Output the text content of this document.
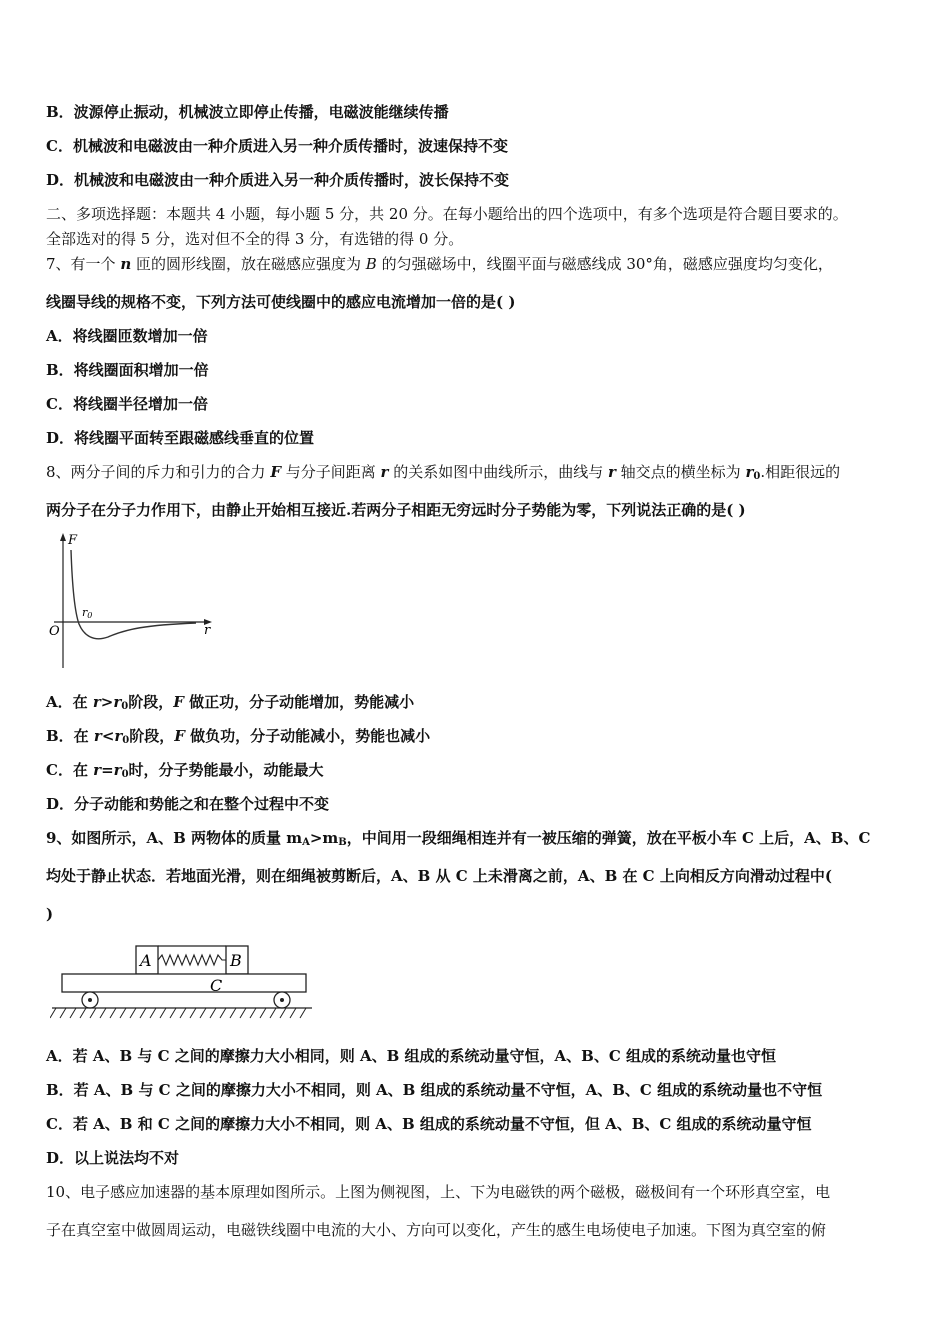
B．波源停止振动，机械波立即停止传播，电磁波能继续传播
C．机械波和电磁波由一种介质进入另一种介质传播时，波速保持不变
D．机械波和电磁波由一种介质进入另一种介质传播时，波长保持不变
二、多项选择题：本题共 4 小题，每小题 5 分，共 20 分。在每小题给出的四个选项中，有多个选项是符合题目要求的。
全部选对的得 5 分，选对但不全的得 3 分，有选错的得 0 分。
7、有一个 n 匝的圆形线圈，放在磁感应强度为 B 的匀强磁场中，线圈平面与磁感线成 30°角，磁感应强度均匀变化，
线圈导线的规格不变，下列方法可使线圈中的感应电流增加一倍的是( )
A．将线圈匝数增加一倍
B．将线圈面积增加一倍
C．将线圈半径增加一倍
D．将线圈平面转至跟磁感线垂直的位置
8、两分子间的斥力和引力的合力 F 与分子间距离 r 的关系如图中曲线所示，曲线与 r 轴交点的横坐标为 $r_0$.相距很远的
两分子在分子力作用下，由静止开始相互接近.若两分子相距无穷远时分子势能为零，下列说法正确的是( )
F
r
O
r0
A．在 $r>r_0$阶段，F 做正功，分子动能增加，势能减小
B．在 $r<r_0$阶段，F 做负功，分子动能减小，势能也减小
C．在 $r=r_0$时，分子势能最小，动能最大
D．分子动能和势能之和在整个过程中不变
9、如图所示，A、B 两物体的质量 $m_A>m_B$，中间用一段细绳相连并有一被压缩的弹簧，放在平板小车 C 上后，A、B、C
均处于静止状态．若地面光滑，则在细绳被剪断后，A、B 从 C 上未滑离之前，A、B 在 C 上向相反方向滑动过程中(
)
A	B
C
A．若 A、B 与 C 之间的摩擦力大小相同，则 A、B 组成的系统动量守恒，A、B、C 组成的系统动量也守恒
B．若 A、B 与 C 之间的摩擦力大小不相同，则 A、B 组成的系统动量不守恒，A、B、C 组成的系统动量也不守恒
C．若 A、B 和 C 之间的摩擦力大小不相同，则 A、B 组成的系统动量不守恒，但 A、B、C 组成的系统动量守恒
D．以上说法均不对
10、电子感应加速器的基本原理如图所示。上图为侧视图，上、下为电磁铁的两个磁极，磁极间有一个环形真空室，电
子在真空室中做圆周运动，电磁铁线圈中电流的大小、方向可以变化，产生的感生电场使电子加速。下图为真空室的俯
